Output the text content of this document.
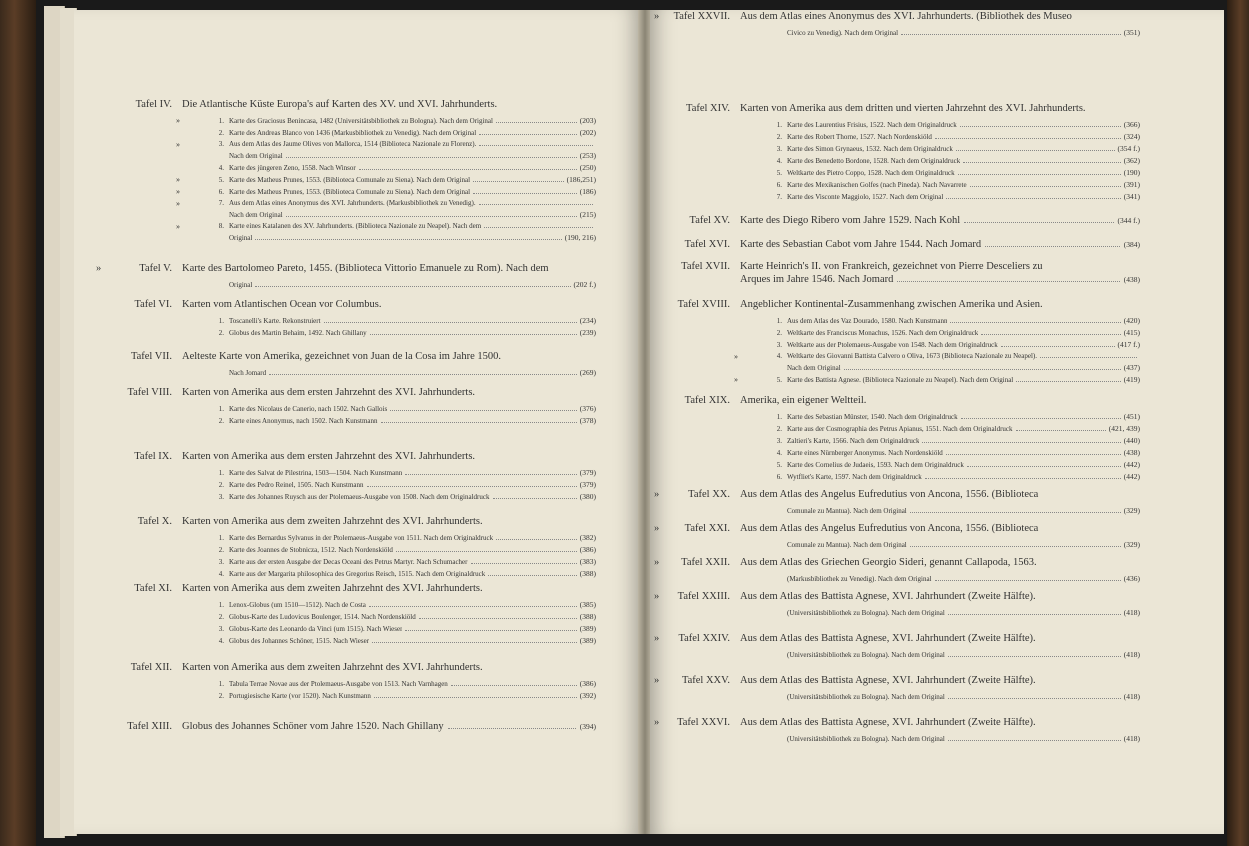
Tafel IV. Die Atlantische Küste Europa's auf Karten des XV. und XVI. Jahrhunderts.
»	1. Karte des Graciosus Benincasa, 1482 (Universitätsbibliothek zu Bologna). Nach dem Original	(203)
2. Karte des Andreas Blanco von 1436 (Markusbibliothek zu Venedig). Nach dem Original	(202)
»	3. Aus dem Atlas des Jaume Olives von Mallorca, 1514 (Biblioteca Nazionale zu Florenz).
Nach dem Original	(253)
4. Karte des jüngeren Zeno, 1558. Nach Winsor	(250)
»	5. Karte des Matheus Prunes, 1553. (Biblioteca Comunale zu Siena). Nach dem Original	(186,251)
»	6. Karte des Matheus Prunes, 1553. (Biblioteca Comunale zu Siena). Nach dem Original	(186)
»	7. Aus dem Atlas eines Anonymus des XVI. Jahrhunderts. (Markusbibliothek zu Venedig).
Nach dem Original	(215)
»	8. Karte eines Katalanen des XV. Jahrhunderts. (Biblioteca Nazionale zu Neapel). Nach dem
Original	(190, 216)
»	Tafel V. Karte des Bartolomeo Pareto, 1455. (Biblioteca Vittorio Emanuele zu Rom). Nach dem
Original	(202 f.)
Tafel VI. Karten vom Atlantischen Ocean vor Columbus.
1. Toscanelli's Karte. Rekonstruiert	(234)
2. Globus des Martin Behaim, 1492. Nach Ghillany	(239)
Tafel VII. Aelteste Karte von Amerika, gezeichnet von Juan de la Cosa im Jahre 1500.
Nach Jomard	(269)
Tafel VIII. Karten von Amerika aus dem ersten Jahrzehnt des XVI. Jahrhunderts.
1. Karte des Nicolaus de Canerio, nach 1502. Nach Gallois	(376)
2. Karte eines Anonymus, nach 1502. Nach Kunstmann	(378)
Tafel IX. Karten von Amerika aus dem ersten Jahrzehnt des XVI. Jahrhunderts.
1. Karte des Salvat de Pilestrina, 1503—1504. Nach Kunstmann	(379)
2. Karte des Pedro Reinel, 1505. Nach Kunstmann	(379)
3. Karte des Johannes Ruysch aus der Ptolemaeus-Ausgabe von 1508. Nach dem Originaldruck	(380)
Tafel X. Karten von Amerika aus dem zweiten Jahrzehnt des XVI. Jahrhunderts.
1. Karte des Bernardus Sylvanus in der Ptolemaeus-Ausgabe von 1511. Nach dem Originaldruck	(382)
2. Karte des Joannes de Stobnicza, 1512. Nach Nordenskiöld	(386)
3. Karte aus der ersten Ausgabe der Decas Oceani des Petrus Martyr. Nach Schumacher	(383)
4. Karte aus der Margarita philosophica des Gregorius Reisch, 1515. Nach dem Originaldruck	(388)
Tafel XI. Karten von Amerika aus dem zweiten Jahrzehnt des XVI. Jahrhunderts.
1. Lenox-Globus (um 1510—1512). Nach de Costa	(385)
2. Globus-Karte des Ludovicus Boulenger, 1514. Nach Nordenskiöld	(388)
3. Globus-Karte des Leonardo da Vinci (um 1515). Nach Wieser	(389)
4. Globus des Johannes Schöner, 1515. Nach Wieser	(389)
Tafel XII. Karten von Amerika aus dem zweiten Jahrzehnt des XVI. Jahrhunderts.
1. Tabula Terrae Novae aus der Ptolemaeus-Ausgabe von 1513. Nach Varnhagen	(386)
2. Portugiesische Karte (vor 1520). Nach Kunstmann	(392)
Tafel XIII. Globus des Johannes Schöner vom Jahre 1520. Nach Ghillany	(394)
Tafel XIV. Karten von Amerika aus dem dritten und vierten Jahrzehnt des XVI. Jahrhunderts.
1. Karte des Laurentius Frisius, 1522. Nach dem Originaldruck	(366)
2. Karte des Robert Thorne, 1527. Nach Nordenskiöld	(324)
3. Karte des Simon Grynaeus, 1532. Nach dem Originaldruck	(354 f.)
4. Karte des Benedetto Bordone, 1528. Nach dem Originaldruck	(362)
5. Weltkarte des Pietro Coppo, 1528. Nach dem Originaldruck	(190)
6. Karte des Mexikanischen Golfes (nach Pineda). Nach Navarrete	(391)
7. Karte des Visconte Maggiolo, 1527. Nach dem Original	(341)
Tafel XV. Karte des Diego Ribero vom Jahre 1529. Nach Kohl	(344 f.)
Tafel XVI. Karte des Sebastian Cabot vom Jahre 1544. Nach Jomard	(384)
Tafel XVII. Karte Heinrich's II. von Frankreich, gezeichnet von Pierre Desceliers zu
Arques im Jahre 1546. Nach Jomard	(438)
Tafel XVIII. Angeblicher Kontinental-Zusammenhang zwischen Amerika und Asien.
1. Aus dem Atlas des Vaz Dourado, 1580. Nach Kunstmann	(420)
2. Weltkarte des Franciscus Monachus, 1526. Nach dem Originaldruck	(415)
3. Weltkarte aus der Ptolemaeus-Ausgabe von 1548. Nach dem Originaldruck	(417 f.)
»	4. Weltkarte des Giovanni Battista Calvero o Oliva, 1673 (Biblioteca Nazionale zu Neapel).
Nach dem Original	(437)
»	5. Karte des Battista Agnese. (Biblioteca Nazionale zu Neapel). Nach dem Original	(419)
Tafel XIX. Amerika, ein eigener Weltteil.
1. Karte des Sebastian Münster, 1540. Nach dem Originaldruck	(451)
2. Karte aus der Cosmographia des Petrus Apianus, 1551. Nach dem Originaldruck	(421, 439)
3. Zaltieri's Karte, 1566. Nach dem Originaldruck	(440)
4. Karte eines Nürnberger Anonymus. Nach Nordenskiöld	(438)
5. Karte des Cornelius de Judaeis, 1593. Nach dem Originaldruck	(442)
6. Wytfliet's Karte, 1597. Nach dem Originaldruck	(442)
»	Tafel XX. Aus dem Atlas des Angelus Eufredutius von Ancona, 1556. (Biblioteca
Comunale zu Mantua). Nach dem Original	(329)
»	Tafel XXI. Aus dem Atlas des Angelus Eufredutius von Ancona, 1556. (Biblioteca
Comunale zu Mantua). Nach dem Original	(329)
»	Tafel XXII. Aus dem Atlas des Griechen Georgio Sideri, genannt Callapoda, 1563.
(Markusbibliothek zu Venedig). Nach dem Original	(436)
»	Tafel XXIII. Aus dem Atlas des Battista Agnese, XVI. Jahrhundert (Zweite Hälfte).
(Universitätsbibliothek zu Bologna). Nach dem Original	(418)
»	Tafel XXIV. Aus dem Atlas des Battista Agnese, XVI. Jahrhundert (Zweite Hälfte).
(Universitätsbibliothek zu Bologna). Nach dem Original	(418)
»	Tafel XXV. Aus dem Atlas des Battista Agnese, XVI. Jahrhundert (Zweite Hälfte).
(Universitätsbibliothek zu Bologna). Nach dem Original	(418)
»	Tafel XXVI. Aus dem Atlas des Battista Agnese, XVI. Jahrhundert (Zweite Hälfte).
(Universitätsbibliothek zu Bologna). Nach dem Original	(418)
»	Tafel XXVII. Aus dem Atlas eines Anonymus des XVI. Jahrhunderts. (Bibliothek des Museo
Civico zu Venedig). Nach dem Original	(351)
